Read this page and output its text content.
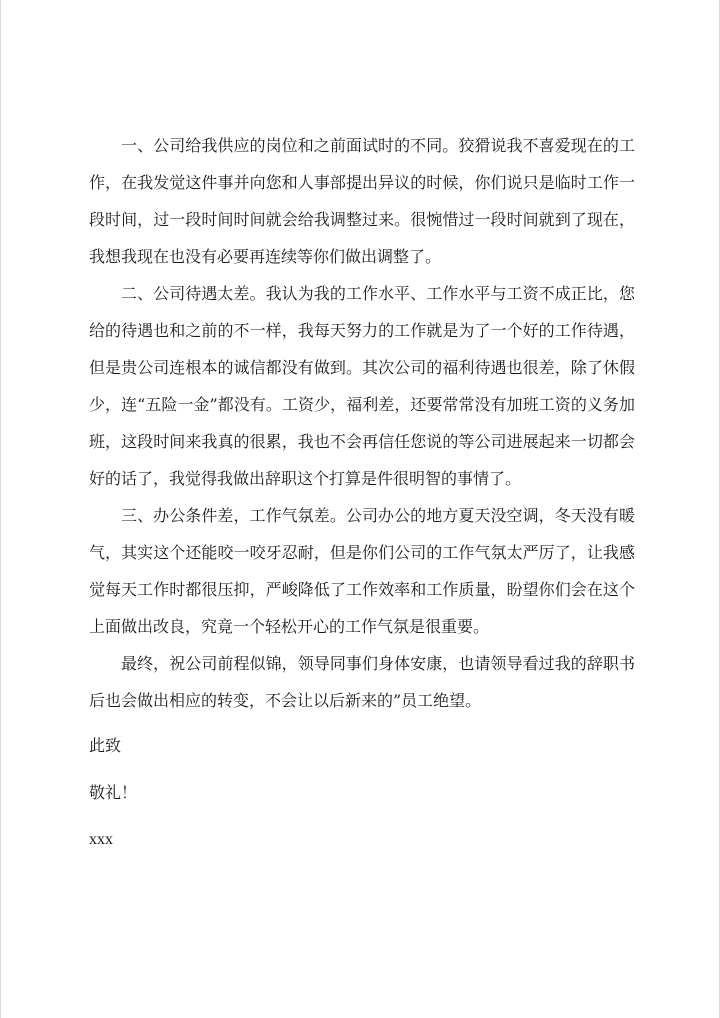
一、公司给我供应的岗位和之前面试时的不同。狡猾说我不喜爱现在的工作，在我发觉这件事并向您和人事部提出异议的时候，你们说只是临时工作一段时间，过一段时间时间就会给我调整过来。很惋惜过一段时间就到了现在，我想我现在也没有必要再连续等你们做出调整了。

二、公司待遇太差。我认为我的工作水平、工作水平与工资不成正比，您给的待遇也和之前的不一样，我每天努力的工作就是为了一个好的工作待遇，但是贵公司连根本的诚信都没有做到。其次公司的福利待遇也很差，除了休假少，连“五险一金”都没有。工资少，福利差，还要常常没有加班工资的义务加班，这段时间来我真的很累，我也不会再信任您说的等公司进展起来一切都会好的话了，我觉得我做出辞职这个打算是件很明智的事情了。

三、办公条件差，工作气氛差。公司办公的地方夏天没空调，冬天没有暖气，其实这个还能咬一咬牙忍耐，但是你们公司的工作气氛太严厉了，让我感觉每天工作时都很压抑，严峻降低了工作效率和工作质量，盼望你们会在这个上面做出改良，究竟一个轻松开心的工作气氛是很重要。

最终，祝公司前程似锦，领导同事们身体安康，也请领导看过我的辞职书后也会做出相应的转变，不会让以后新来的”员工绝望。

此致

敬礼！

xxx
